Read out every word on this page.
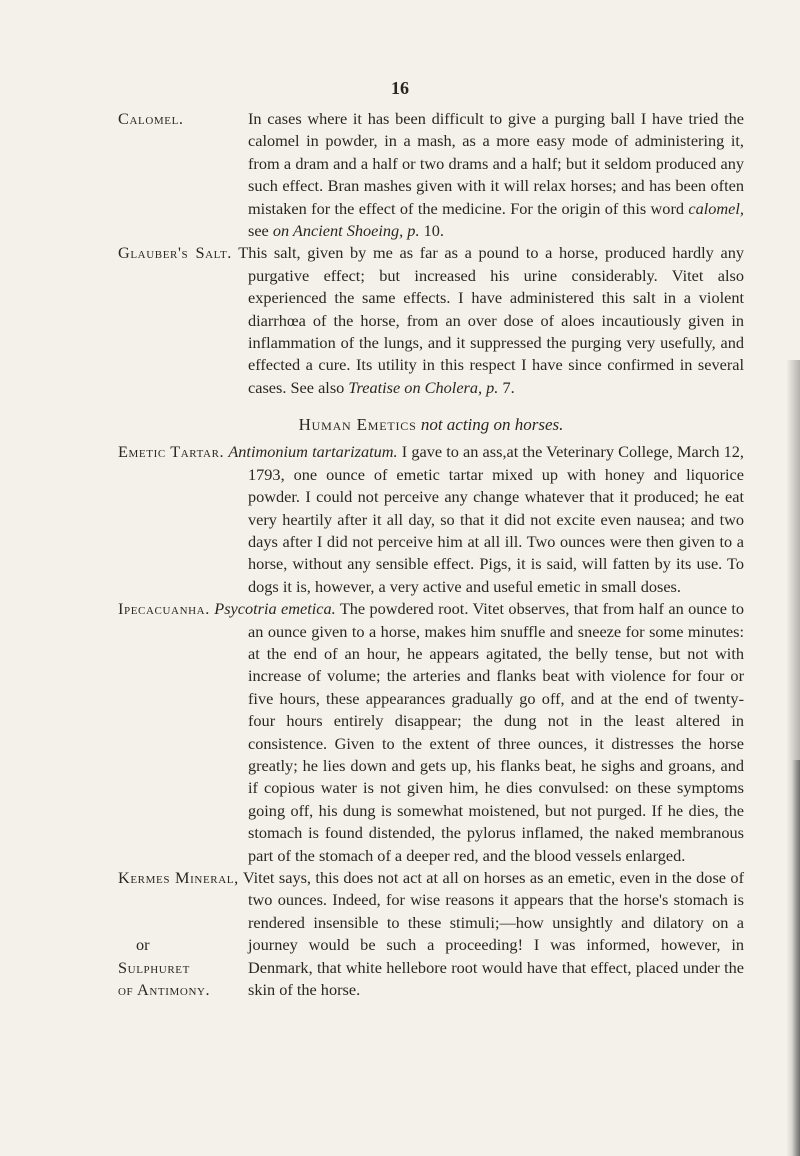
16
Calomel.	In cases where it has been difficult to give a purging ball I have tried the calomel in powder, in a mash, as a more easy mode of administering it, from a dram and a half or two drams and a half; but it seldom produced any such effect. Bran mashes given with it will relax horses; and has been often mistaken for the effect of the medicine. For the origin of this word calomel, see on Ancient Shoeing, p. 10.
Glauber's Salt. This salt, given by me as far as a pound to a horse, produced hardly any purgative effect; but increased his urine considerably. Vitet also experienced the same effects. I have administered this salt in a violent diarrhœa of the horse, from an over dose of aloes incautiously given in inflammation of the lungs, and it suppressed the purging very usefully, and effected a cure. Its utility in this respect I have since confirmed in several cases. See also Treatise on Cholera, p. 7.
Human Emetics not acting on horses.
Emetic Tartar. Antimonium tartarizatum. I gave to an ass,at the Veterinary College, March 12, 1793, one ounce of emetic tartar mixed up with honey and liquorice powder. I could not perceive any change whatever that it produced; he eat very heartily after it all day, so that it did not excite even nausea; and two days after I did not perceive him at all ill. Two ounces were then given to a horse, without any sensible effect. Pigs, it is said, will fatten by its use. To dogs it is, however, a very active and useful emetic in small doses.
Ipecacuanha. Psycotria emetica. The powdered root. Vitet observes, that from half an ounce to an ounce given to a horse, makes him snuffle and sneeze for some minutes: at the end of an hour, he appears agitated, the belly tense, but not with increase of volume; the arteries and flanks beat with violence for four or five hours, these appearances gradually go off, and at the end of twenty-four hours entirely disappear; the dung not in the least altered in consistence. Given to the extent of three ounces, it distresses the horse greatly; he lies down and gets up, his flanks beat, he sighs and groans, and if copious water is not given him, he dies convulsed: on these symptoms going off, his dung is somewhat moistened, but not purged. If he dies, the stomach is found distended, the pylorus inflamed, the naked membranous part of the stomach of a deeper red, and the blood vessels enlarged.
Kermes Mineral, Vitet says, this does not act at all on horses as an emetic, even in the dose of two ounces. Indeed, for wise reasons it appears that the horse's stomach is rendered insensible to these stimuli;—how unsightly and dilatory on a journey would be such a proceeding! I was informed, however, in Denmark, that white hellebore root would have that effect, placed under the skin of the horse.
or
Sulphuret
of Antimony.
